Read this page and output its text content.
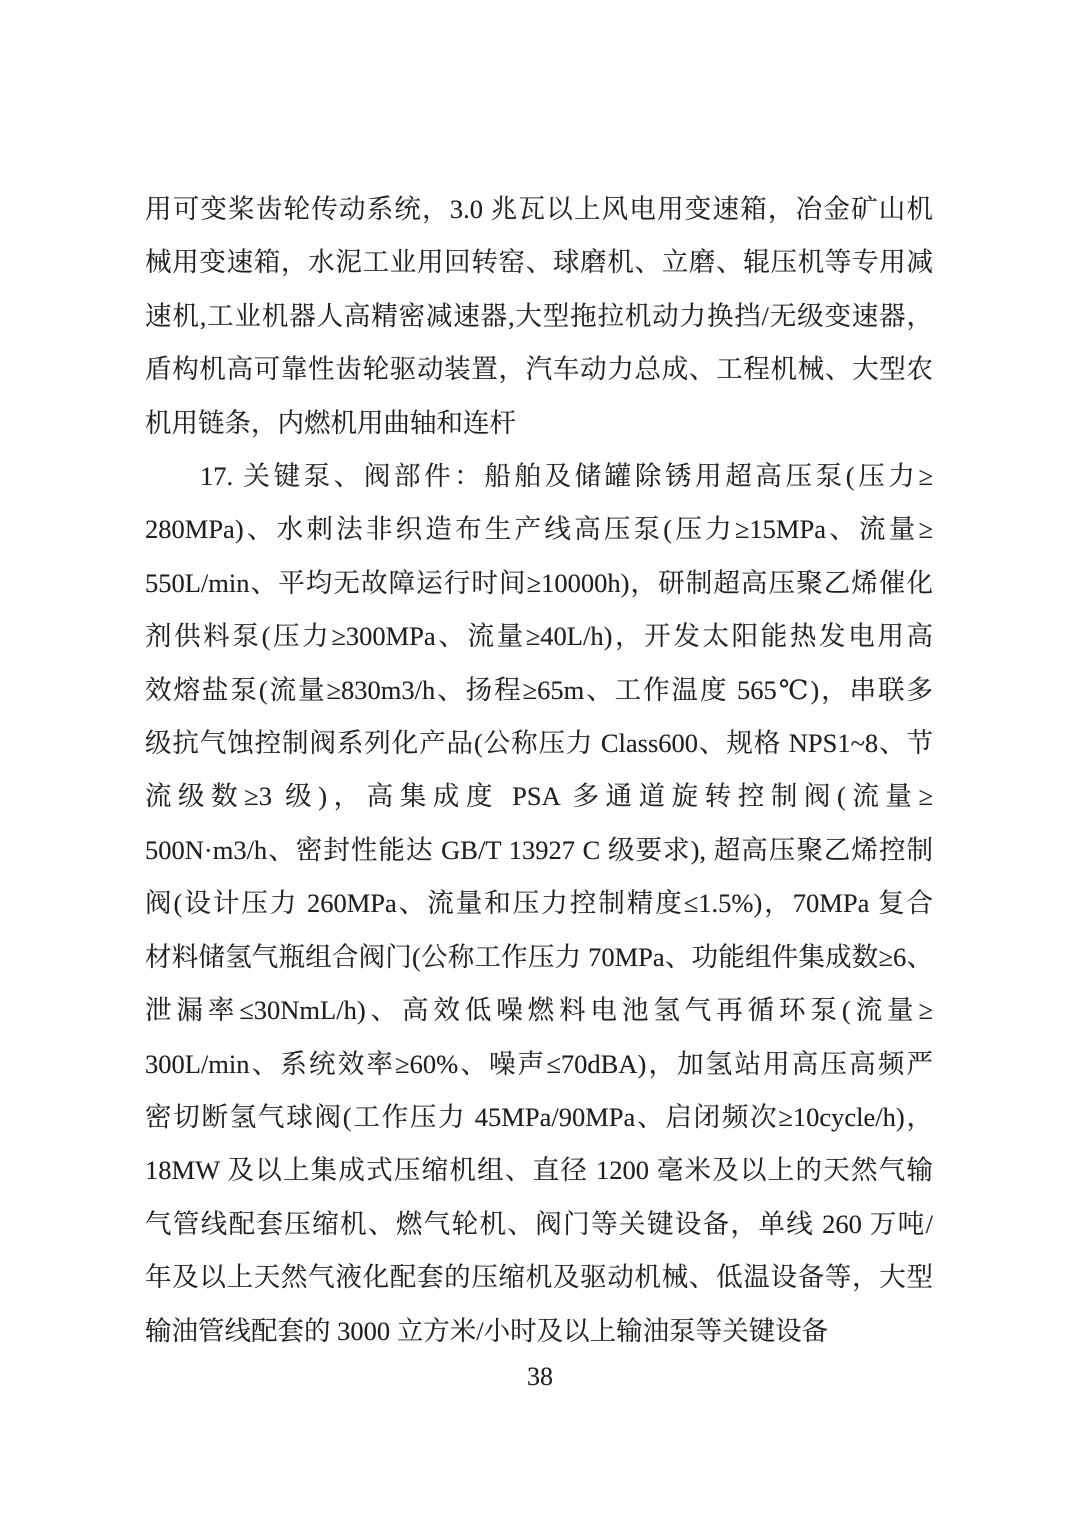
用可变桨齿轮传动系统，3.0 兆瓦以上风电用变速箱，冶金矿山机
械用变速箱，水泥工业用回转窑、球磨机、立磨、辊压机等专用减
速机,工业机器人高精密减速器,大型拖拉机动力换挡/无级变速器，
盾构机高可靠性齿轮驱动装置，汽车动力总成、工程机械、大型农
机用链条，内燃机用曲轴和连杆
17. 关键泵、阀部件：船舶及储罐除锈用超高压泵(压力≥
280MPa)、水刺法非织造布生产线高压泵(压力≥15MPa、流量≥
550L/min、平均无故障运行时间≥10000h)，研制超高压聚乙烯催化
剂供料泵(压力≥300MPa、流量≥40L/h)，开发太阳能热发电用高
效熔盐泵(流量≥830m3/h、扬程≥65m、工作温度 565℃)，串联多
级抗气蚀控制阀系列化产品(公称压力 Class600、规格 NPS1~8、节
流级数≥3 级)，高集成度 PSA 多通道旋转控制阀(流量≥
500N·m3/h、密封性能达 GB/T 13927 C 级要求), 超高压聚乙烯控制
阀(设计压力 260MPa、流量和压力控制精度≤1.5%)，70MPa 复合
材料储氢气瓶组合阀门(公称工作压力 70MPa、功能组件集成数≥6、
泄漏率≤30NmL/h)、高效低噪燃料电池氢气再循环泵(流量≥
300L/min、系统效率≥60%、噪声≤70dBA)，加氢站用高压高频严
密切断氢气球阀(工作压力 45MPa/90MPa、启闭频次≥10cycle/h)，
18MW 及以上集成式压缩机组、直径 1200 毫米及以上的天然气输
气管线配套压缩机、燃气轮机、阀门等关键设备，单线 260 万吨/
年及以上天然气液化配套的压缩机及驱动机械、低温设备等，大型
输油管线配套的 3000 立方米/小时及以上输油泵等关键设备
38
